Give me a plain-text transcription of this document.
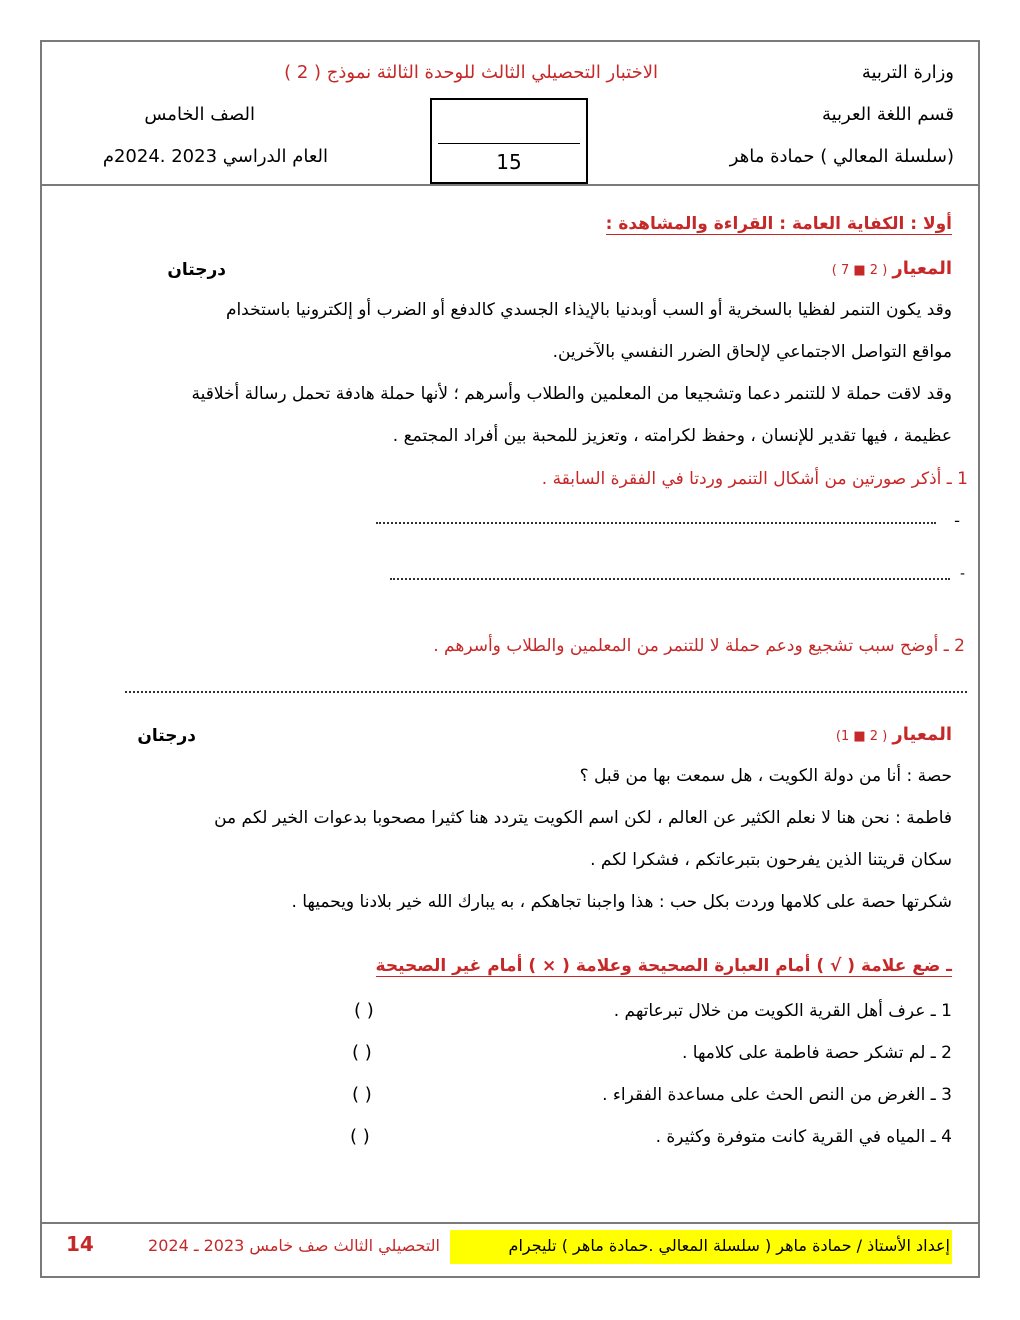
وزارة التربية
قسم اللغة العربية
(سلسلة المعالي ) حمادة ماهر
الاختبار التحصيلي الثالث للوحدة الثالثة نموذج ( 2 )
الصف الخامس
العام الدراسي 2023 .2024م	15
أولا : الكفاية العامة : القراءة والمشاهدة :
المعيار ( 2 ■ 7 )
درجتان
وقد يكون التنمر لفظيا بالسخرية أو السب أوبدنيا بالإيذاء الجسدي كالدفع أو الضرب أو إلكترونيا باستخدام
مواقع التواصل الاجتماعي لإلحاق الضرر النفسي بالآخرين.
وقد لاقت حملة لا للتنمر دعما وتشجيعا من المعلمين والطلاب وأسرهم ؛ لأنها حملة هادفة تحمل رسالة أخلاقية
عظيمة ، فيها تقدير للإنسان ، وحفظ لكرامته ، وتعزيز للمحبة بين أفراد المجتمع .
1 ـ أذكر صورتين من أشكال التنمر وردتا في الفقرة السابقة .
ـ
-
2 ـ أوضح سبب تشجيع ودعم حملة لا للتنمر من المعلمين والطلاب وأسرهم .
المعيار ( 2 ■ 1)
درجتان
حصة : أنا من دولة الكويت ، هل سمعت بها من قبل ؟
فاطمة : نحن هنا لا نعلم الكثير عن العالم ، لكن اسم الكويت يتردد هنا كثيرا مصحوبا بدعوات الخير لكم من
سكان قريتنا الذين يفرحون بتبرعاتكم ، فشكرا لكم .
شكرتها حصة على كلامها وردت بكل حب : هذا واجبنا تجاهكم ، به يبارك الله خير بلادنا ويحميها .
ـ ضع علامة ( √ ) أمام العبارة الصحيحة وعلامة ( × ) أمام غير الصحيحة
1 ـ عرف أهل القرية الكويت من خلال تبرعاتهم .
( )
2 ـ لم تشكر حصة فاطمة على كلامها .
( )
3 ـ الغرض من النص الحث على مساعدة الفقراء .
( )
4 ـ المياه في القرية كانت متوفرة وكثيرة .
( )
إعداد الأستاذ / حمادة ماهر ( سلسلة المعالي .حمادة ماهر ) تليجرام
التحصيلي الثالث صف خامس 2023 ـ 2024
14
